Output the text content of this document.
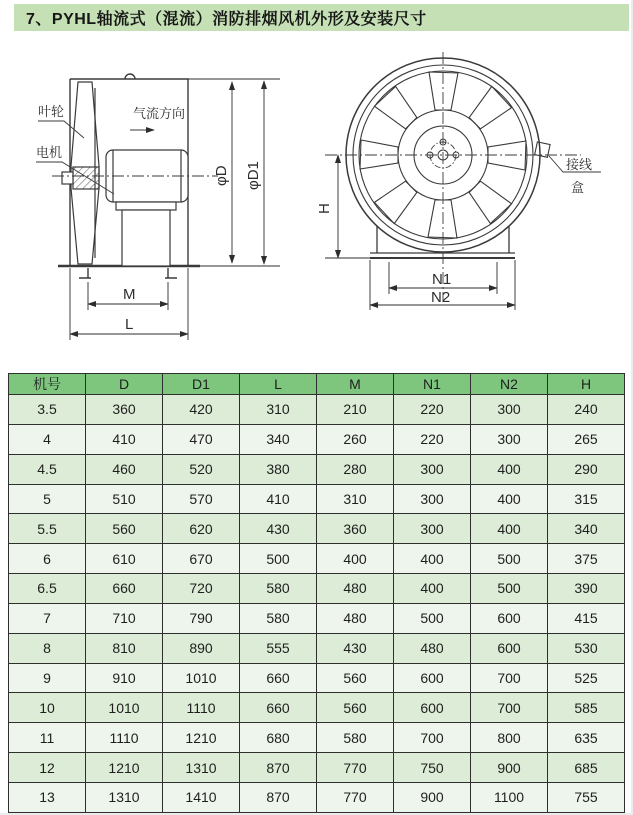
7、PYHL轴流式（混流）消防排烟风机外形及安装尺寸
叶轮
电机
气流方向
φD φD1
M
L
接线
盒
H
N1
N2
机号	D	D1	L	M	N1	N2	H
3.5	360	420	310	210	220	300	240
4	410	470	340	260	220	300	265
4.5	460	520	380	280	300	400	290
5	510	570	410	310	300	400	315
5.5	560	620	430	360	300	400	340
6	610	670	500	400	400	500	375
6.5	660	720	580	480	400	500	390
7	710	790	580	480	500	600	415
8	810	890	555	430	480	600	530
9	910	1010	660	560	600	700	525
10	1010	1110	660	560	600	700	585
11	1110	1210	680	580	700	800	635
12	1210	1310	870	770	750	900	685
13	1310	1410	870	770	900	1100	755
